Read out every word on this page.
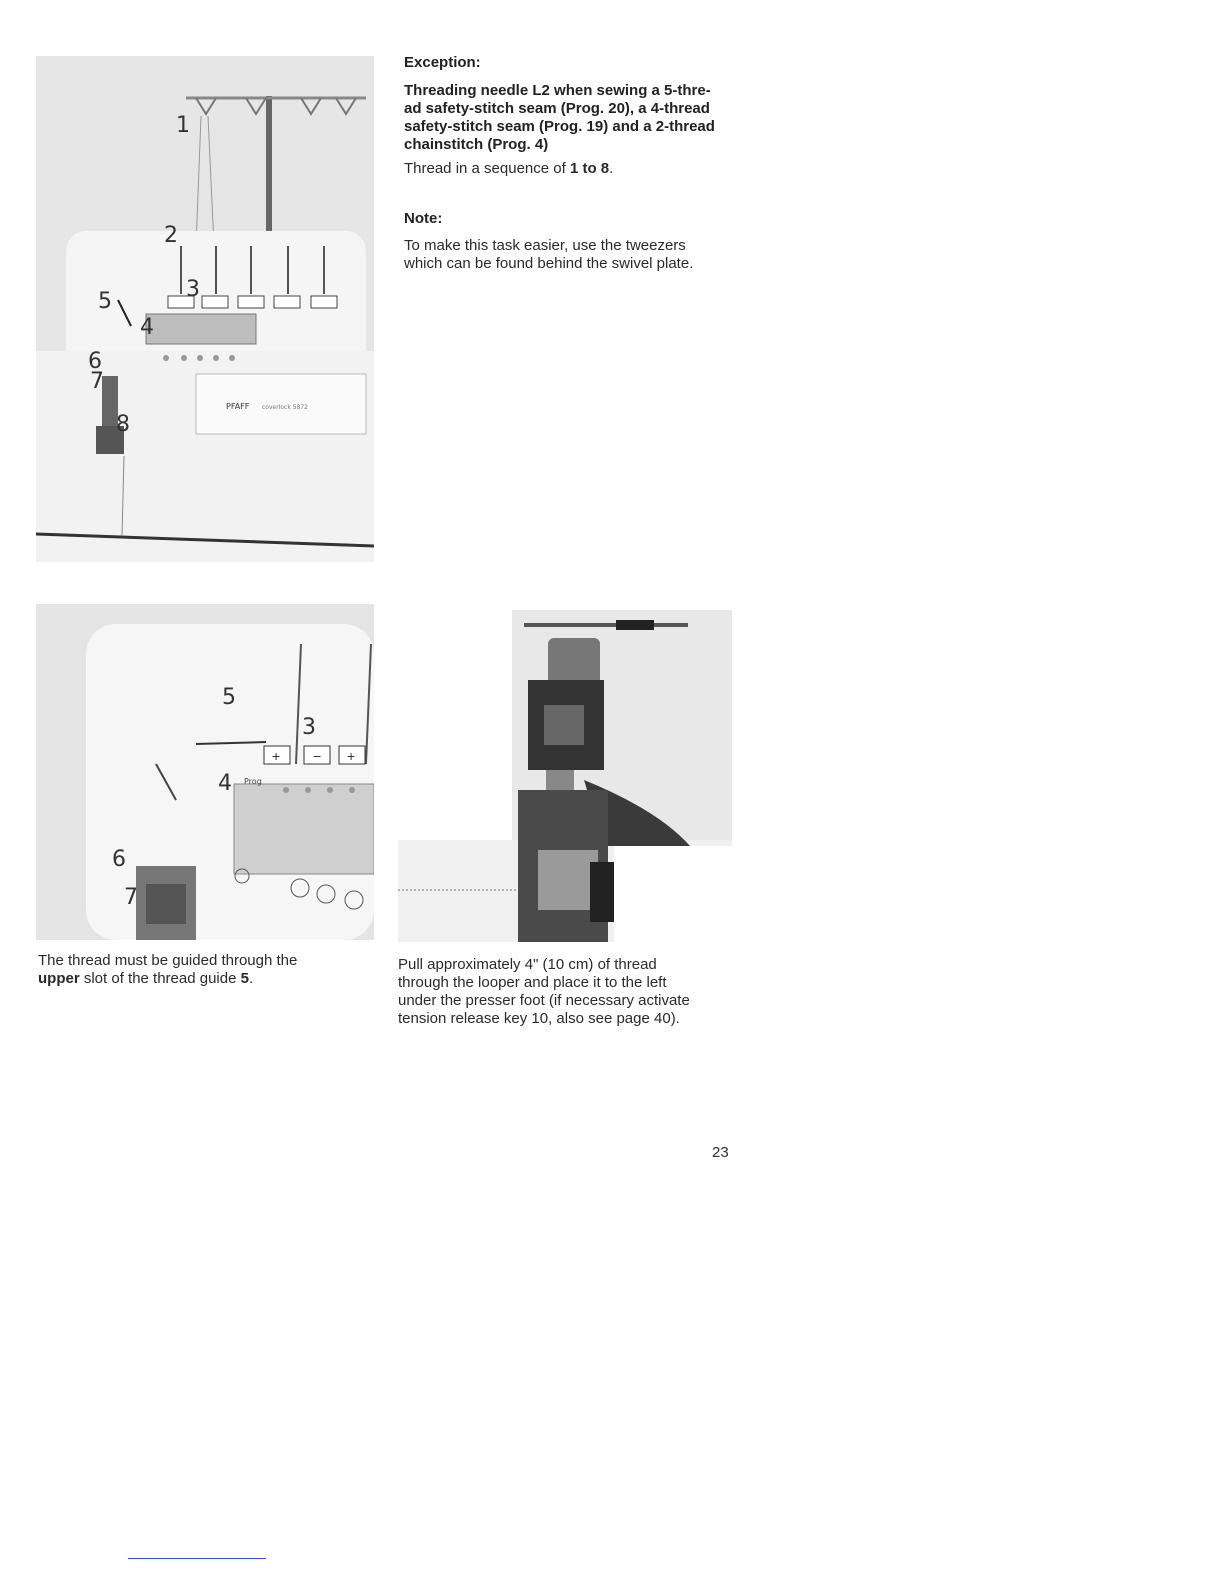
1
2
3
4
5
6
7
8
PFAFF coverlock 5872
Exception:
Threading needle L2 when sewing a 5-thre-
ad safety-stitch seam (Prog. 20), a 4-thread
safety-stitch seam (Prog. 19) and a 2-thread
chainstitch (Prog. 4)
Thread in a sequence of 1 to 8.
Note:
To make this task easier, use the tweezers
which can be found behind the swivel plate.
+ − +
5
3
4
6
7
Prog
The thread must be guided through the
upper slot of the thread guide 5.
Pull approximately 4" (10 cm) of thread
through the looper and place it to the left
under the presser foot (if necessary activate
tension release key 10, also see page 40).
23
